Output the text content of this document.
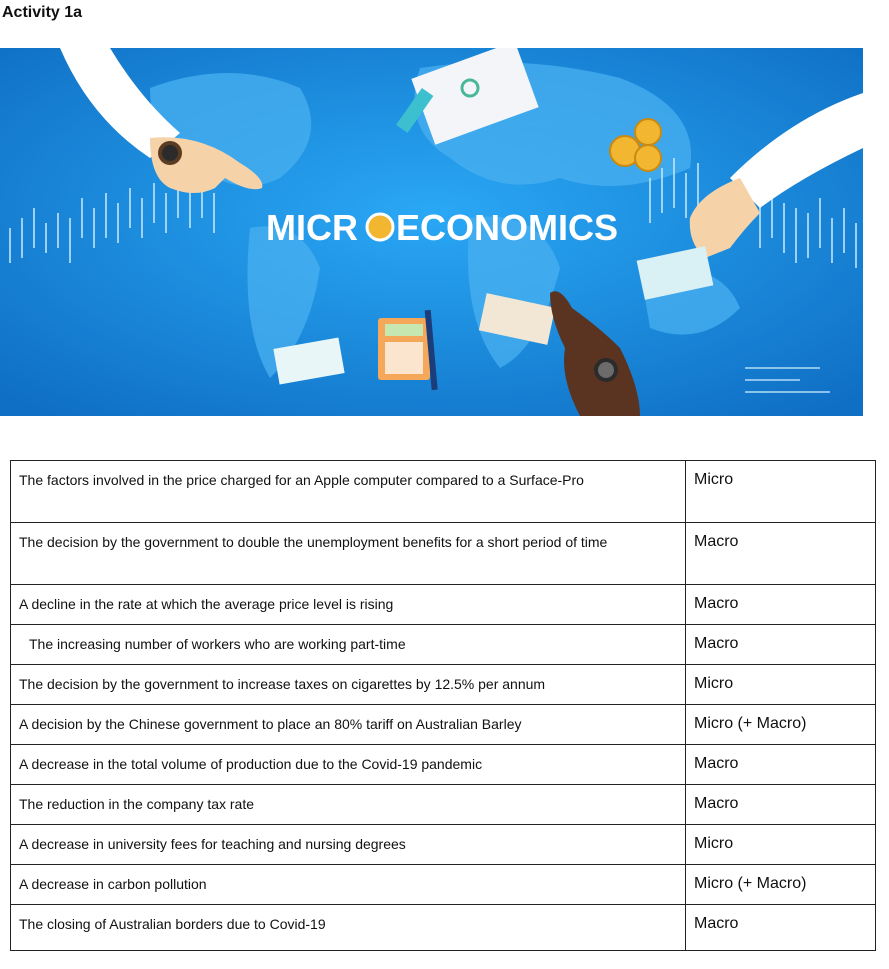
Activity 1a
MICR ECONOMICS
The factors involved in the price charged for an Apple computer compared to a Surface-Pro	Micro
The decision by the government to double the unemployment benefits for a short period of time	Macro
A decline in the rate at which the average price level is rising	Macro
The increasing number of workers who are working part-time	Macro
The decision by the government to increase taxes on cigarettes by 12.5% per annum	Micro
A decision by the Chinese government to place an 80% tariff on Australian Barley	Micro (+ Macro)
A decrease in the total volume of production due to the Covid-19 pandemic	Macro
The reduction in the company tax rate	Macro
A decrease in university fees for teaching and nursing degrees	Micro
A decrease in carbon pollution	Micro (+ Macro)
The closing of Australian borders due to Covid-19	Macro
